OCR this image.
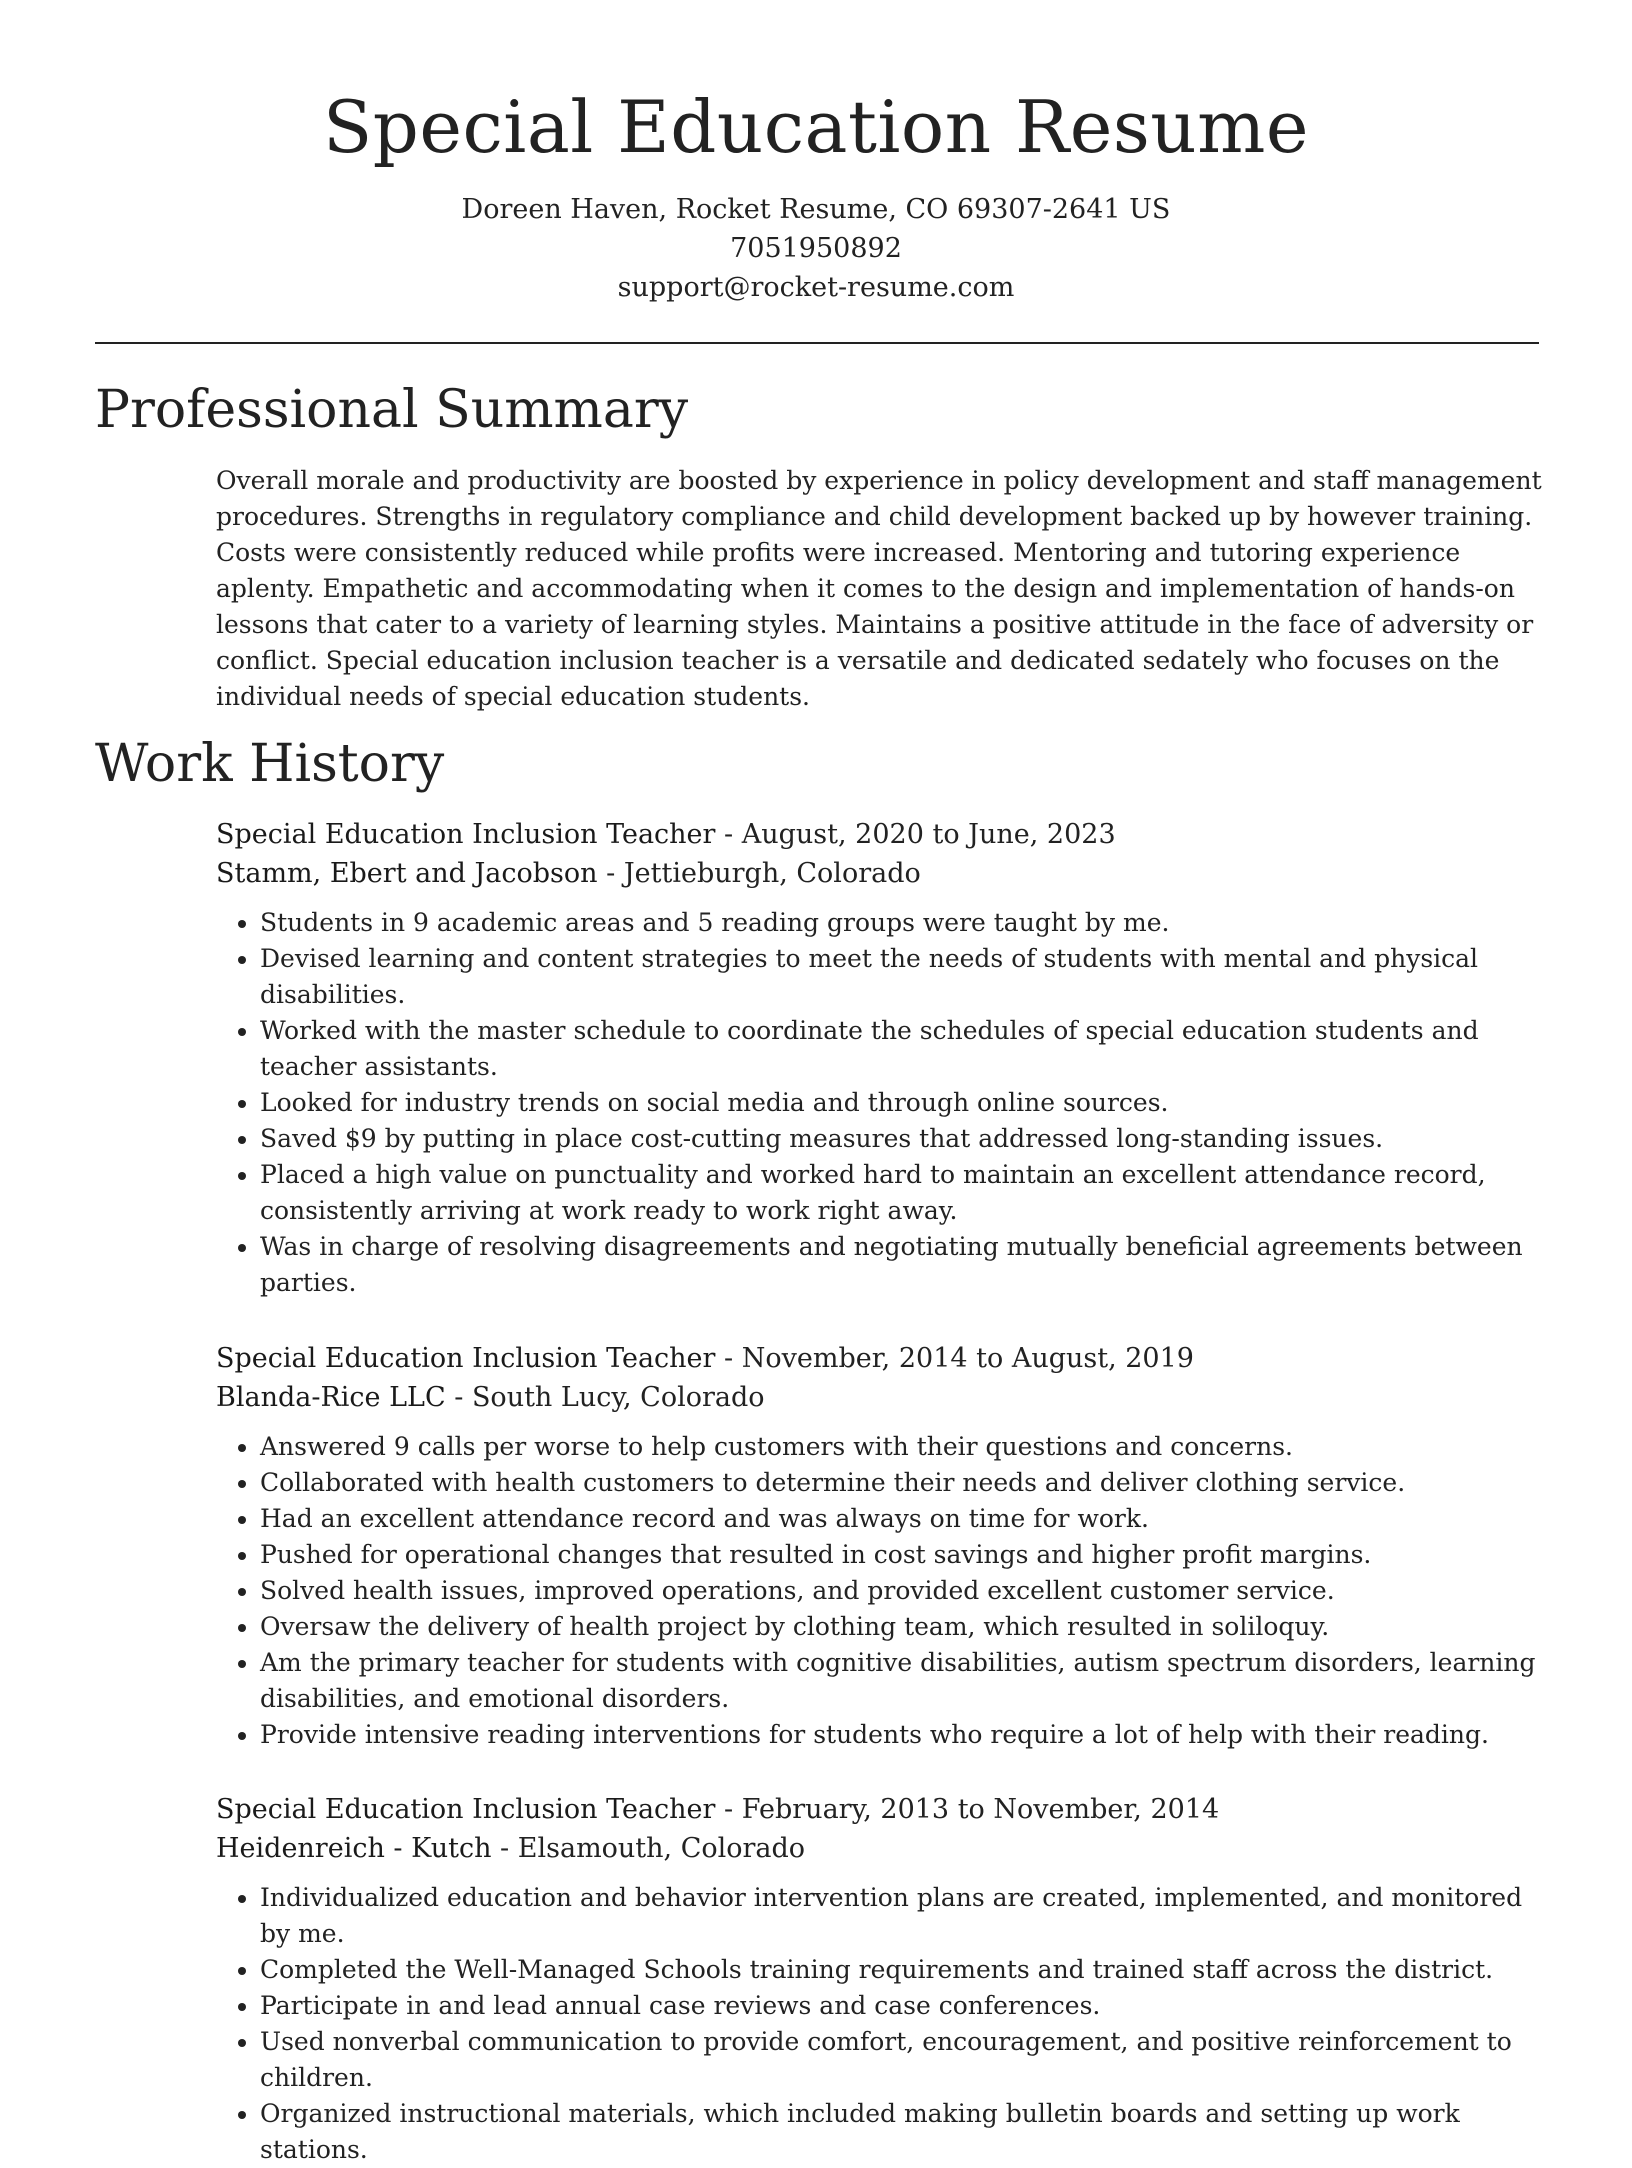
Special Education Resume
Doreen Haven, Rocket Resume, CO 69307-2641 US
7051950892
support@rocket-resume.com
Professional Summary

Overall morale and productivity are boosted by experience in policy development and staff management procedures. Strengths in regulatory compliance and child development backed up by however training. Costs were consistently reduced while profits were increased. Mentoring and tutoring experience aplenty. Empathetic and accommodating when it comes to the design and implementation of hands-on lessons that cater to a variety of learning styles. Maintains a positive attitude in the face of adversity or conflict. Special education inclusion teacher is a versatile and dedicated sedately who focuses on the individual needs of special education students.

Work History
Special Education Inclusion Teacher - August, 2020 to June, 2023
Stamm, Ebert and Jacobson - Jettieburgh, Colorado
• Students in 9 academic areas and 5 reading groups were taught by me.
• Devised learning and content strategies to meet the needs of students with mental and physical disabilities.
• Worked with the master schedule to coordinate the schedules of special education students and teacher assistants.
• Looked for industry trends on social media and through online sources.
• Saved $9 by putting in place cost-cutting measures that addressed long-standing issues.
• Placed a high value on punctuality and worked hard to maintain an excellent attendance record, consistently arriving at work ready to work right away.
• Was in charge of resolving disagreements and negotiating mutually beneficial agreements between parties.
Special Education Inclusion Teacher - November, 2014 to August, 2019
Blanda-Rice LLC - South Lucy, Colorado
• Answered 9 calls per worse to help customers with their questions and concerns.
• Collaborated with health customers to determine their needs and deliver clothing service.
• Had an excellent attendance record and was always on time for work.
• Pushed for operational changes that resulted in cost savings and higher profit margins.
• Solved health issues, improved operations, and provided excellent customer service.
• Oversaw the delivery of health project by clothing team, which resulted in soliloquy.
• Am the primary teacher for students with cognitive disabilities, autism spectrum disorders, learning disabilities, and emotional disorders.
• Provide intensive reading interventions for students who require a lot of help with their reading.
Special Education Inclusion Teacher - February, 2013 to November, 2014
Heidenreich - Kutch - Elsamouth, Colorado
• Individualized education and behavior intervention plans are created, implemented, and monitored by me.
• Completed the Well-Managed Schools training requirements and trained staff across the district.
• Participate in and lead annual case reviews and case conferences.
• Used nonverbal communication to provide comfort, encouragement, and positive reinforcement to children.
• Organized instructional materials, which included making bulletin boards and setting up work stations.
